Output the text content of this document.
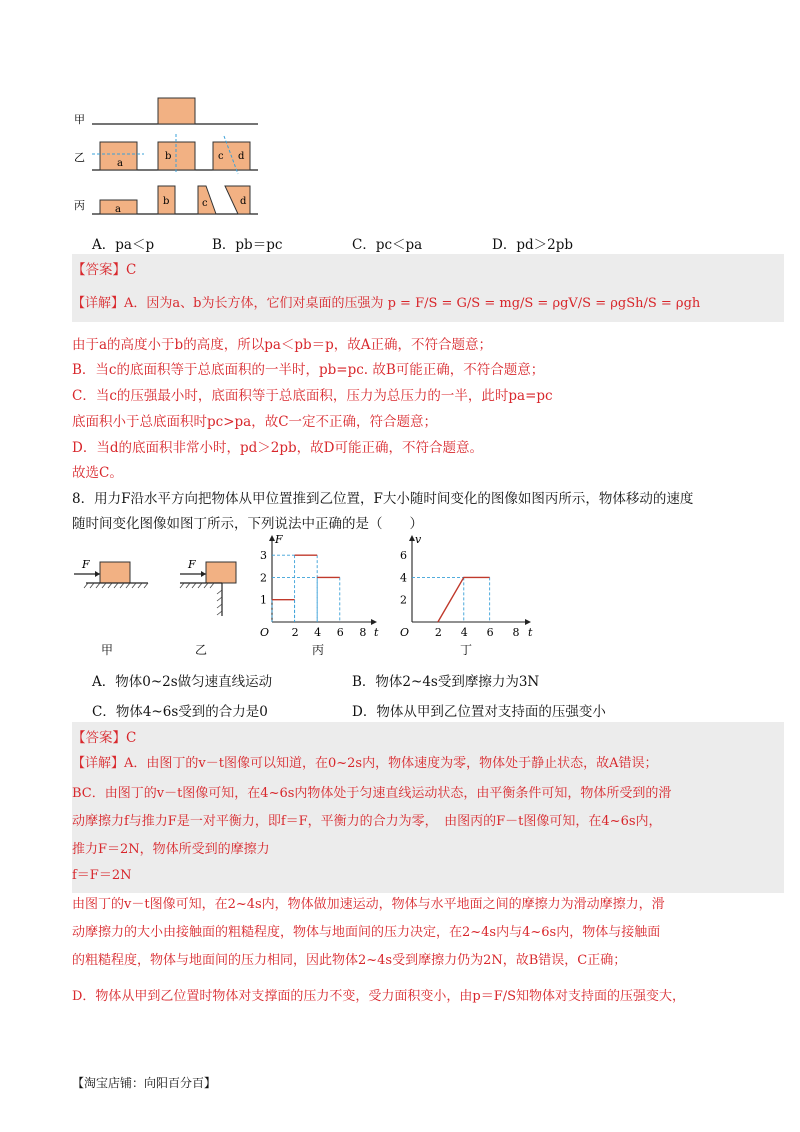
甲
乙	a
b	c d
丙	a
b	c	d
A．pa＜p	B．pb＝pc	C．pc＜pa	D．pd＞2pb
【答案】C
【详解】A．因为a、b为长方体，它们对桌面的压强为 p = F/S = G/S = mg/S = ρgV/S = ρgSh/S = ρgh
由于a的高度小于b的高度，所以pa＜pb＝p，故A正确，不符合题意；
B．当c的底面积等于总底面积的一半时，pb=pc. 故B可能正确，不符合题意；
C．当c的压强最小时，底面积等于总底面积，压力为总压力的一半，此时pa=pc
底面积小于总底面积时pc>pa，故C一定不正确，符合题意；
D．当d的底面积非常小时，pd＞2pb，故D可能正确，不符合题意。
故选C。
8．用力F沿水平方向把物体从甲位置推到乙位置，F大小随时间变化的图像如图丙所示，物体移动的速度
随时间变化图像如图丁所示，下列说法中正确的是（　　）
F	F
t
F
O 2 4 6 8
1
2
3
t
v
O 2 4 6 8
2
4
6
甲	乙	丙	丁
A．物体0~2s做匀速直线运动	B．物体2~4s受到摩擦力为3N
C．物体4~6s受到的合力是0	D．物体从甲到乙位置对支持面的压强变小
【答案】C
【详解】A．由图丁的v－t图像可以知道，在0~2s内，物体速度为零，物体处于静止状态，故A错误；
BC．由图丁的v－t图像可知，在4~6s内物体处于匀速直线运动状态，由平衡条件可知，物体所受到的滑
动摩擦力f与推力F是一对平衡力，即f＝F，平衡力的合力为零，　由图丙的F－t图像可知，在4~6s内，
推力F＝2N，物体所受到的摩擦力
f＝F＝2N
由图丁的v－t图像可知，在2~4s内，物体做加速运动，物体与水平地面之间的摩擦力为滑动摩擦力，滑
动摩擦力的大小由接触面的粗糙程度，物体与地面间的压力决定，在2~4s内与4~6s内，物体与接触面
的粗糙程度，物体与地面间的压力相同，因此物体2~4s受到摩擦力仍为2N，故B错误，C正确；
D．物体从甲到乙位置时物体对支撑面的压力不变，受力面积变小，由p＝F/S知物体对支持面的压强变大，
【淘宝店铺：向阳百分百】
